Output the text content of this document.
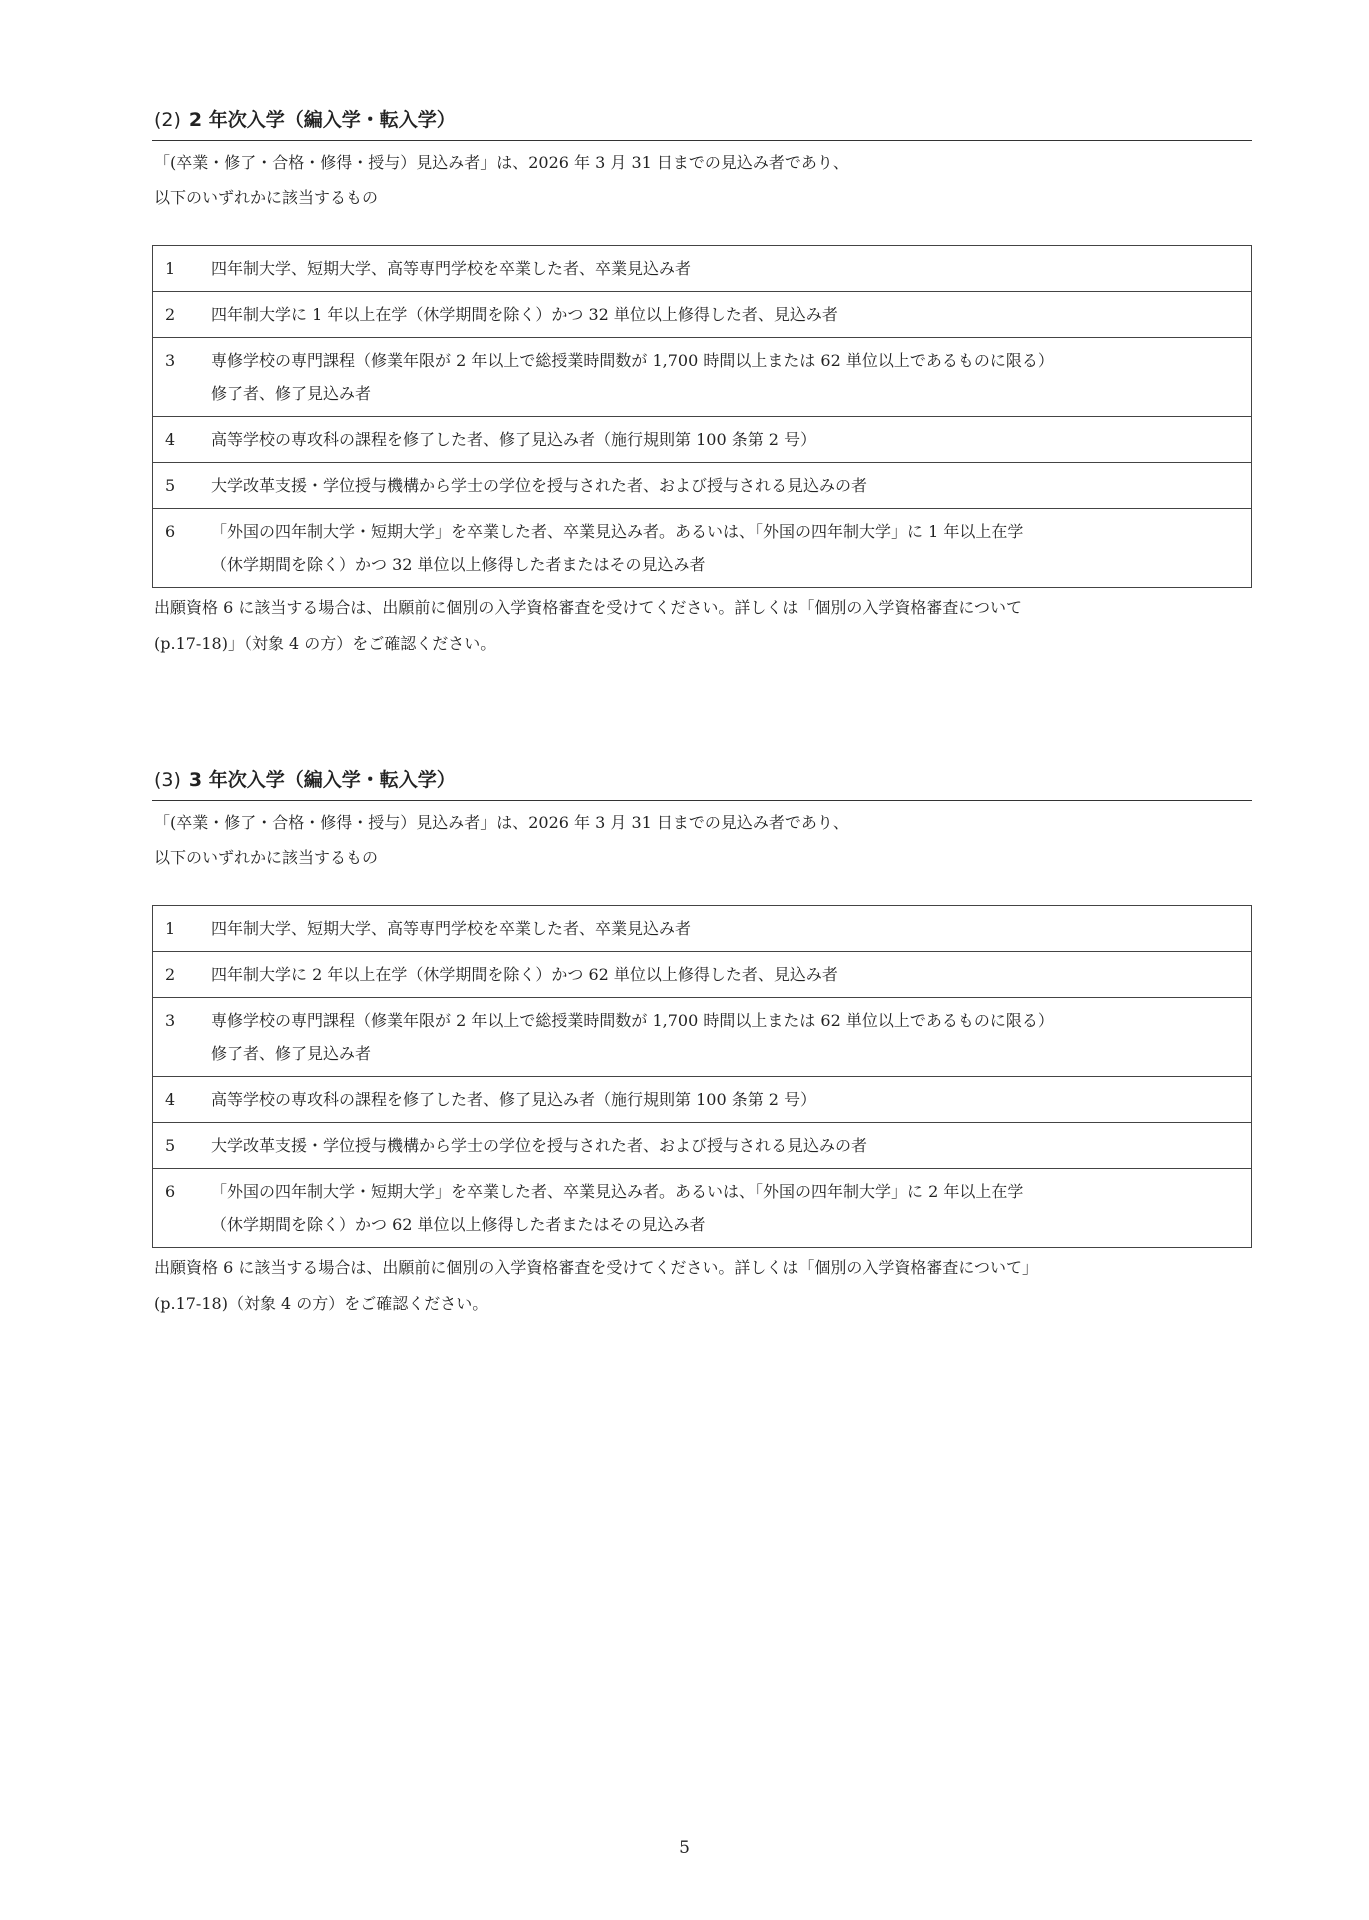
(2) 2 年次入学（編入学・転入学）
「(卒業・修了・合格・修得・授与）見込み者」は、2026 年 3 月 31 日までの見込み者であり、
以下のいずれかに該当するもの
1	四年制大学、短期大学、高等専門学校を卒業した者、卒業見込み者

2	四年制大学に 1 年以上在学（休学期間を除く）かつ 32 単位以上修得した者、見込み者

3	専修学校の専門課程（修業年限が 2 年以上で総授業時間数が 1,700 時間以上または 62 単位以上であるものに限る）
修了者、修了見込み者

4	高等学校の専攻科の課程を修了した者、修了見込み者（施行規則第 100 条第 2 号）

5	大学改革支援・学位授与機構から学士の学位を授与された者、および授与される見込みの者

6	「外国の四年制大学・短期大学」を卒業した者、卒業見込み者。あるいは、「外国の四年制大学」に 1 年以上在学
（休学期間を除く）かつ 32 単位以上修得した者またはその見込み者
出願資格 6 に該当する場合は、出願前に個別の入学資格審査を受けてください。詳しくは「個別の入学資格審査について
(p.17-18)」（対象 4 の方）をご確認ください。
(3) 3 年次入学（編入学・転入学）
「(卒業・修了・合格・修得・授与）見込み者」は、2026 年 3 月 31 日までの見込み者であり、
以下のいずれかに該当するもの
1	四年制大学、短期大学、高等専門学校を卒業した者、卒業見込み者

2	四年制大学に 2 年以上在学（休学期間を除く）かつ 62 単位以上修得した者、見込み者

3	専修学校の専門課程（修業年限が 2 年以上で総授業時間数が 1,700 時間以上または 62 単位以上であるものに限る）
修了者、修了見込み者

4	高等学校の専攻科の課程を修了した者、修了見込み者（施行規則第 100 条第 2 号）

5	大学改革支援・学位授与機構から学士の学位を授与された者、および授与される見込みの者

6	「外国の四年制大学・短期大学」を卒業した者、卒業見込み者。あるいは、「外国の四年制大学」に 2 年以上在学
（休学期間を除く）かつ 62 単位以上修得した者またはその見込み者
出願資格 6 に該当する場合は、出願前に個別の入学資格審査を受けてください。詳しくは「個別の入学資格審査について」
(p.17-18)（対象 4 の方）をご確認ください。
5
